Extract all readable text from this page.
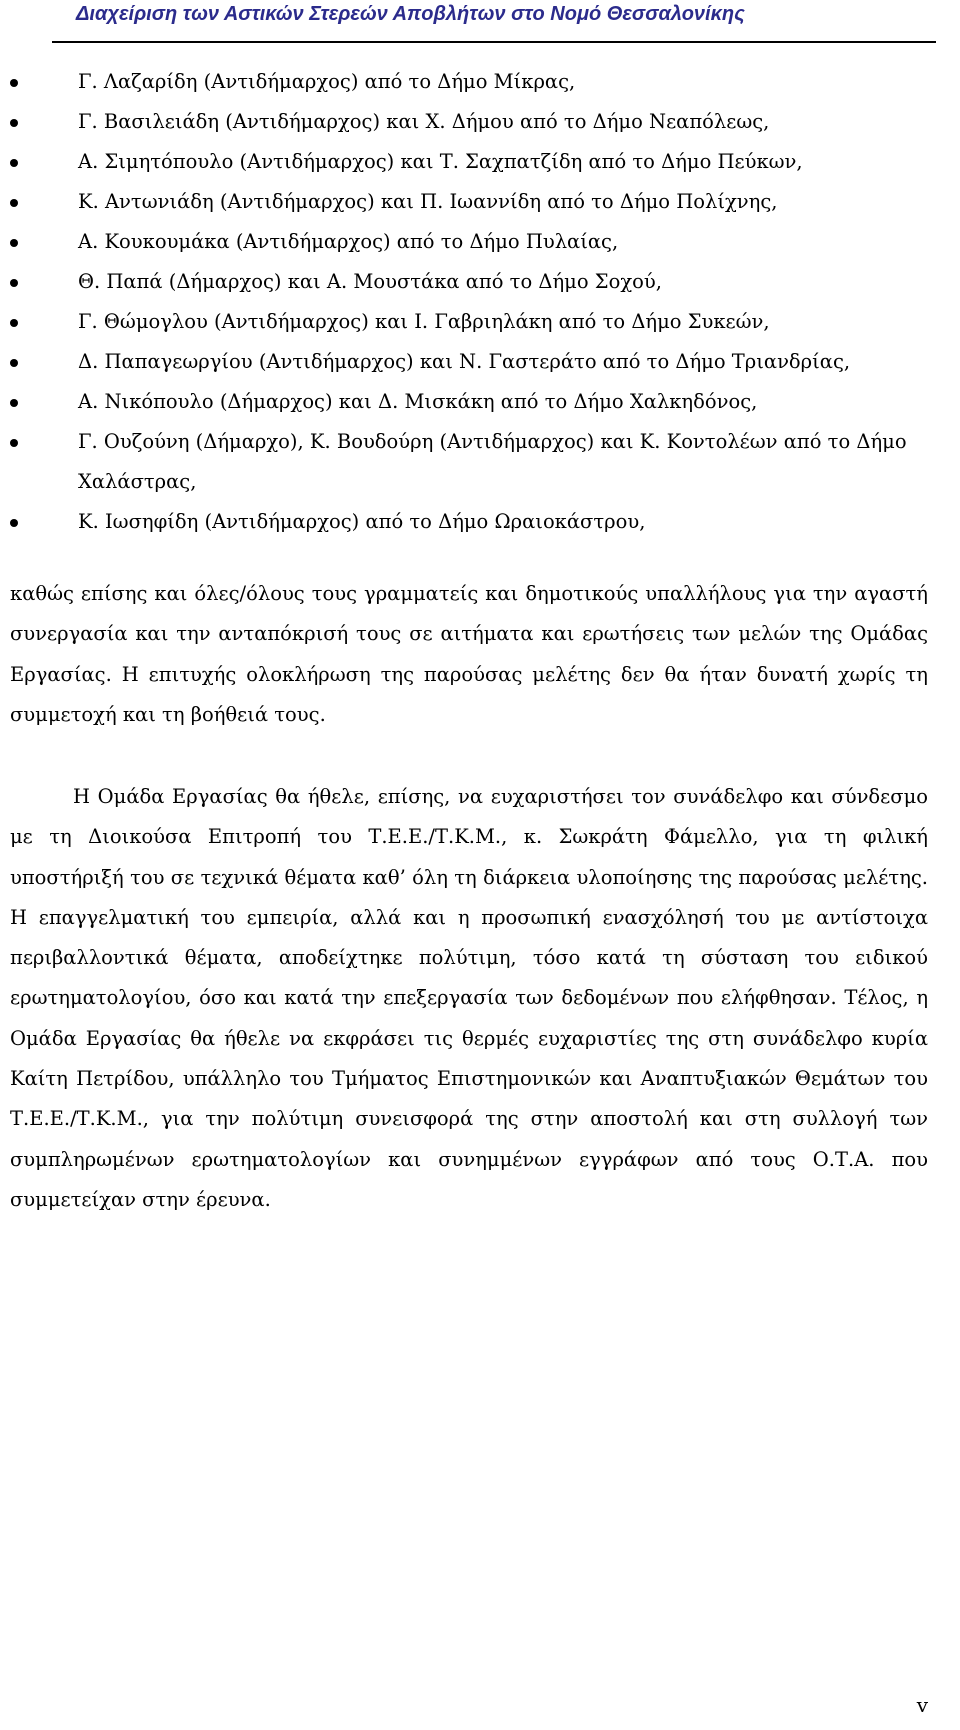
Διαχείριση των Αστικών Στερεών Αποβλήτων στο Νομό Θεσσαλονίκης
Γ. Λαζαρίδη (Αντιδήμαρχος) από το Δήμο Μίκρας,
Γ. Βασιλειάδη (Αντιδήμαρχος) και Χ. Δήμου από το Δήμο Νεαπόλεως,
Α. Σιμητόπουλο (Αντιδήμαρχος) και Τ. Σαχπατζίδη από το Δήμο Πεύκων,
Κ. Αντωνιάδη (Αντιδήμαρχος) και Π. Ιωαννίδη από το Δήμο Πολίχνης,
Α. Κουκουμάκα (Αντιδήμαρχος) από το Δήμο Πυλαίας,
Θ. Παπά (Δήμαρχος) και Α. Μουστάκα από το Δήμο Σοχού,
Γ. Θώμογλου (Αντιδήμαρχος) και Ι. Γαβριηλάκη από το Δήμο Συκεών,
Δ. Παπαγεωργίου (Αντιδήμαρχος) και Ν. Γαστεράτο από το Δήμο Τριανδρίας,
Α. Νικόπουλο (Δήμαρχος) και Δ. Μισκάκη από το Δήμο Χαλκηδόνος,
Γ. Ουζούνη (Δήμαρχο), Κ. Βουδούρη (Αντιδήμαρχος) και Κ. Κοντολέων από το Δήμο Χαλάστρας,
Κ. Ιωσηφίδη (Αντιδήμαρχος) από το Δήμο Ωραιοκάστρου,

καθώς επίσης και όλες/όλους τους γραμματείς και δημοτικούς υπαλλήλους για την αγαστή συνεργασία και την ανταπόκρισή τους σε αιτήματα και ερωτήσεις των μελών της Ομάδας Εργασίας. Η επιτυχής ολοκλήρωση της παρούσας μελέτης δεν θα ήταν δυνατή χωρίς τη συμμετοχή και τη βοήθειά τους.

Η Ομάδα Εργασίας θα ήθελε, επίσης, να ευχαριστήσει τον συνάδελφο και σύνδεσμο με τη Διοικούσα Επιτροπή του Τ.Ε.Ε./Τ.Κ.Μ., κ. Σωκράτη Φάμελλο, για τη φιλική υποστήριξή του σε τεχνικά θέματα καθ’ όλη τη διάρκεια υλοποίησης της παρούσας μελέτης. Η επαγγελματική του εμπειρία, αλλά και η προσωπική ενασχόλησή του με αντίστοιχα περιβαλλοντικά θέματα, αποδείχτηκε πολύτιμη, τόσο κατά τη σύσταση του ειδικού ερωτηματολογίου, όσο και κατά την επεξεργασία των δεδομένων που ελήφθησαν. Τέλος, η Ομάδα Εργασίας θα ήθελε να εκφράσει τις θερμές ευχαριστίες της στη συνάδελφο κυρία Καίτη Πετρίδου, υπάλληλο του Τμήματος Επιστημονικών και Αναπτυξιακών Θεμάτων του Τ.Ε.Ε./Τ.Κ.Μ., για την πολύτιμη συνεισφορά της στην αποστολή και στη συλλογή των συμπληρωμένων ερωτηματολογίων και συνημμένων εγγράφων από τους Ο.Τ.Α. που συμμετείχαν στην έρευνα.

v
